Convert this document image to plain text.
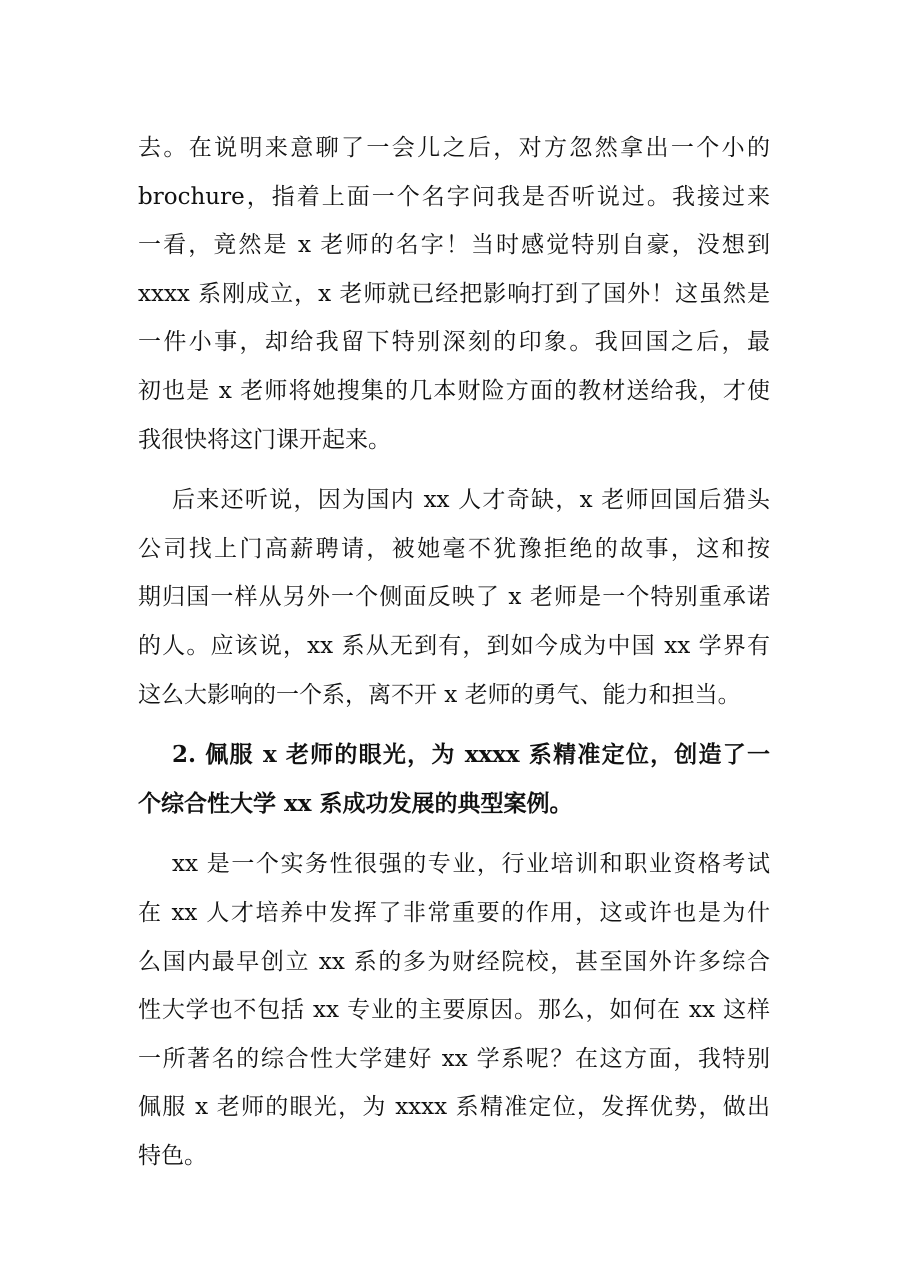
去。在说明来意聊了一会儿之后，对方忽然拿出一个小的
brochure，指着上面一个名字问我是否听说过。我接过来
一看，竟然是 x 老师的名字！当时感觉特别自豪，没想到
xxxx 系刚成立，x 老师就已经把影响打到了国外！这虽然是
一件小事，却给我留下特别深刻的印象。我回国之后，最
初也是 x 老师将她搜集的几本财险方面的教材送给我，才使
我很快将这门课开起来。
后来还听说，因为国内 xx 人才奇缺，x 老师回国后猎头
公司找上门高薪聘请，被她毫不犹豫拒绝的故事，这和按
期归国一样从另外一个侧面反映了 x 老师是一个特别重承诺
的人。应该说，xx 系从无到有，到如今成为中国 xx 学界有
这么大影响的一个系，离不开 x 老师的勇气、能力和担当。
2. 佩服 x 老师的眼光，为 xxxx 系精准定位，创造了一
个综合性大学 xx 系成功发展的典型案例。
xx 是一个实务性很强的专业，行业培训和职业资格考试
在 xx 人才培养中发挥了非常重要的作用，这或许也是为什
么国内最早创立 xx 系的多为财经院校，甚至国外许多综合
性大学也不包括 xx 专业的主要原因。那么，如何在 xx 这样
一所著名的综合性大学建好 xx 学系呢？在这方面，我特别
佩服 x 老师的眼光，为 xxxx 系精准定位，发挥优势，做出
特色。
